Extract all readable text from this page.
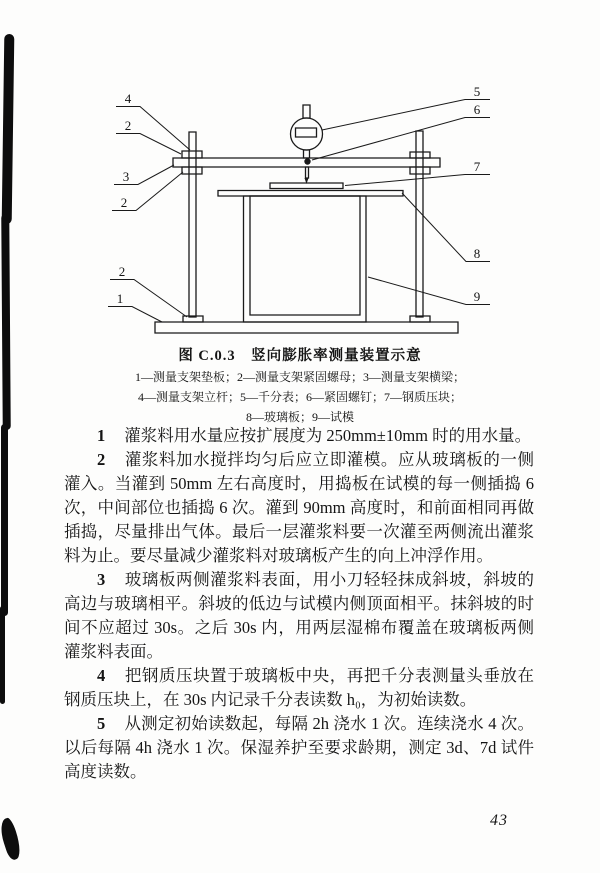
4
2
3
2
2
1
5
6
7
8
9
图 C.0.3　竖向膨胀率测量装置示意
1—测量支架垫板；2—测量支架紧固螺母；3—测量支架横梁；
4—测量支架立杆；5—千分表；6—紧固螺钉；7—钢质压块；
8—玻璃板；9—试模

1 灌浆料用水量应按扩展度为 250mm±10mm 时的用水量。

2 灌浆料加水搅拌均匀后应立即灌模。应从玻璃板的一侧灌入。当灌到 50mm 左右高度时，用捣板在试模的每一侧插捣 6 次，中间部位也插捣 6 次。灌到 90mm 高度时，和前面相同再做插捣，尽量排出气体。最后一层灌浆料要一次灌至两侧流出灌浆料为止。要尽量减少灌浆料对玻璃板产生的向上冲浮作用。

3 玻璃板两侧灌浆料表面，用小刀轻轻抹成斜坡，斜坡的高边与玻璃相平。斜坡的低边与试模内侧顶面相平。抹斜坡的时间不应超过 30s。之后 30s 内，用两层湿棉布覆盖在玻璃板两侧灌浆料表面。

4 把钢质压块置于玻璃板中央，再把千分表测量头垂放在钢质压块上，在 30s 内记录千分表读数 h₀，为初始读数。

5 从测定初始读数起，每隔 2h 浇水 1 次。连续浇水 4 次。以后每隔 4h 浇水 1 次。保湿养护至要求龄期，测定 3d、7d 试件高度读数。

43
